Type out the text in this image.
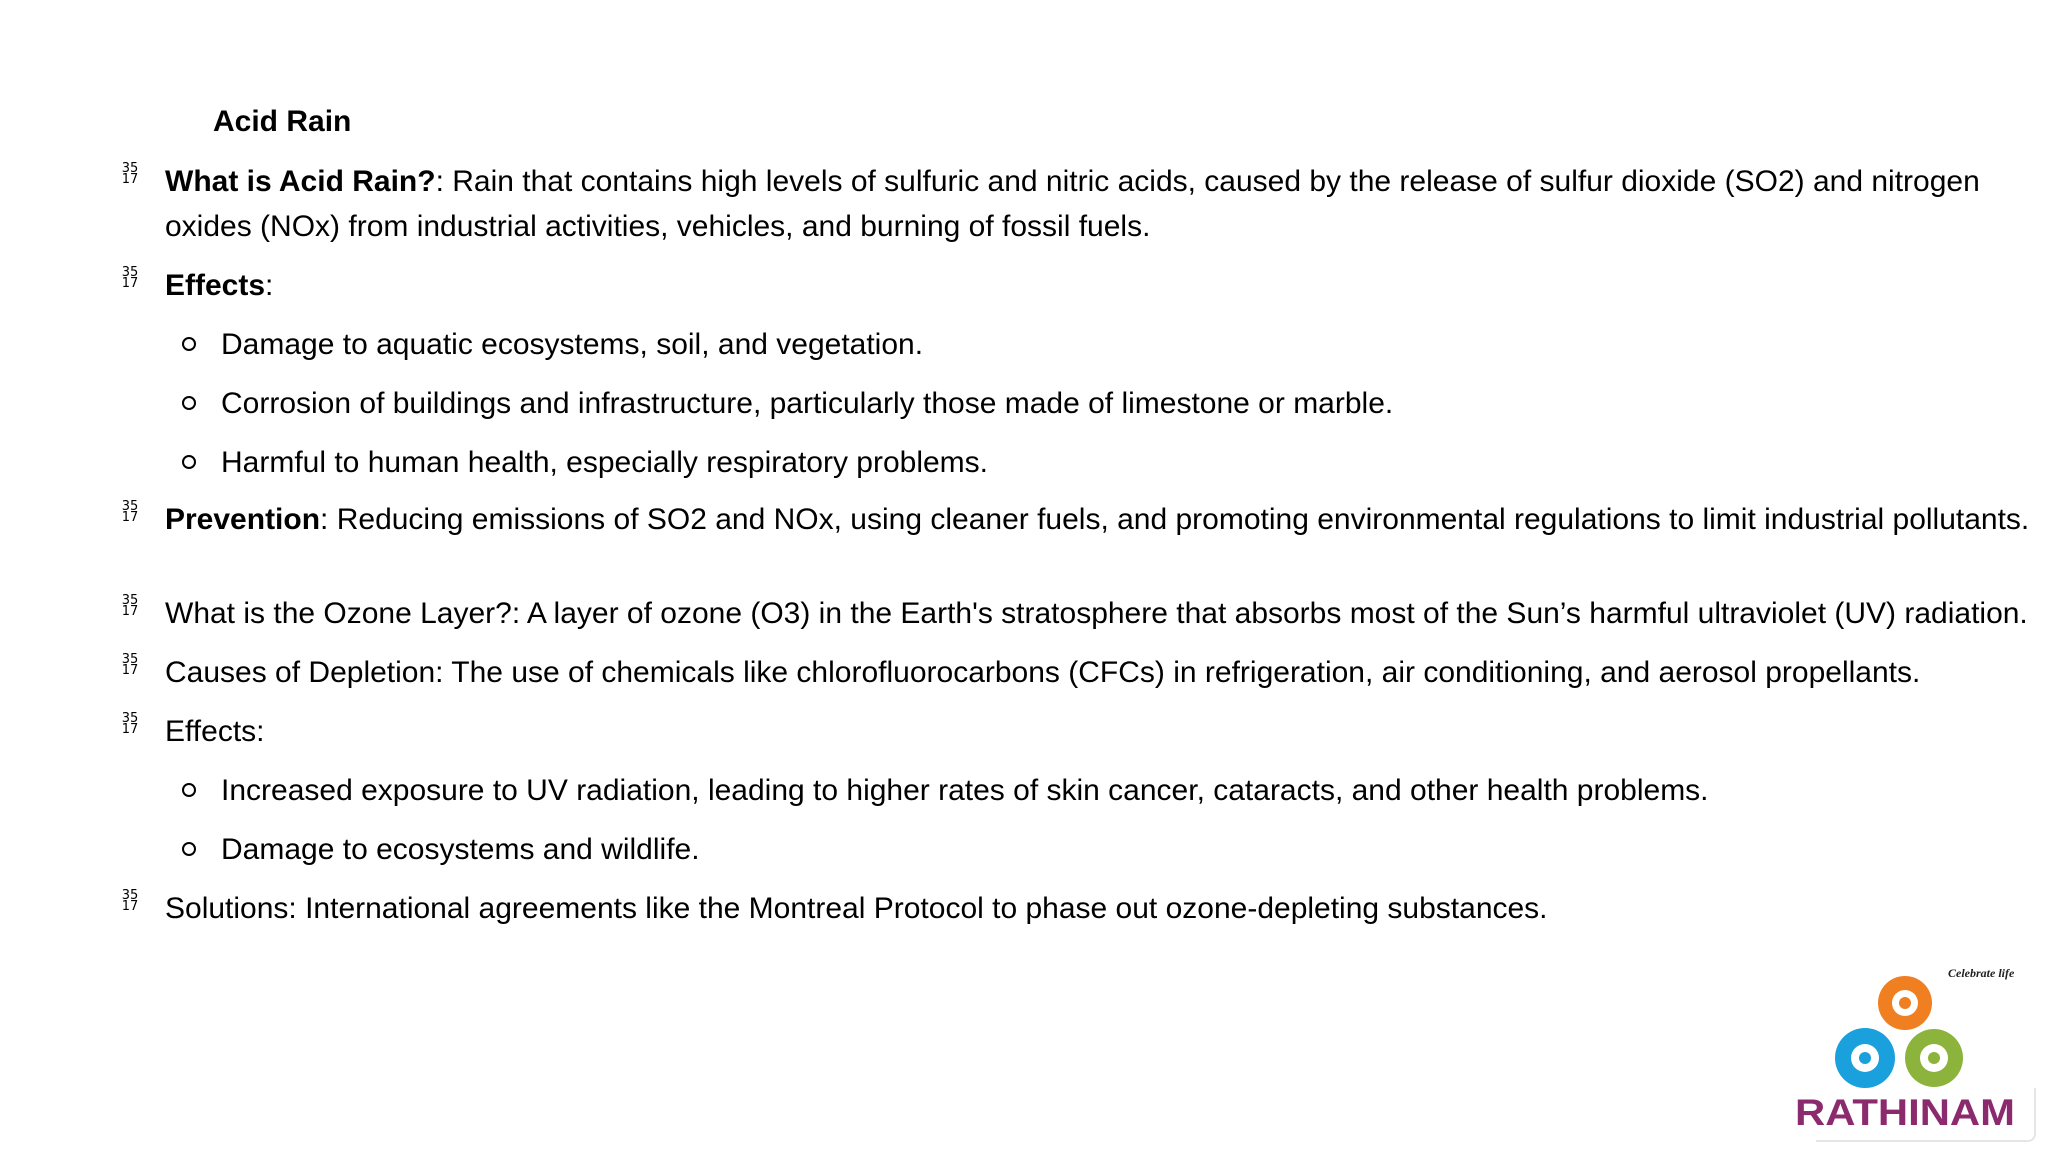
Acid Rain
35
17 What is Acid Rain?: Rain that contains high levels of sulfuric and nitric acids, caused by the release of sulfur dioxide (SO2) and nitrogen oxides (NOx) from industrial activities, vehicles, and burning of fossil fuels.
35
17 Effects:
Damage to aquatic ecosystems, soil, and vegetation.
Corrosion of buildings and infrastructure, particularly those made of limestone or marble.
Harmful to human health, especially respiratory problems.
35
17 Prevention: Reducing emissions of SO2 and NOx, using cleaner fuels, and promoting environmental regulations to limit industrial pollutants.
35
17 What is the Ozone Layer?: A layer of ozone (O3) in the Earth's stratosphere that absorbs most of the Sun’s harmful ultraviolet (UV) radiation.
35
17 Causes of Depletion: The use of chemicals like chlorofluorocarbons (CFCs) in refrigeration, air conditioning, and aerosol propellants.
35
17 Effects:
Increased exposure to UV radiation, leading to higher rates of skin cancer, cataracts, and other health problems.
Damage to ecosystems and wildlife.
35
17 Solutions: International agreements like the Montreal Protocol to phase out ozone-depleting substances.
Celebrate life
RATHINAM
